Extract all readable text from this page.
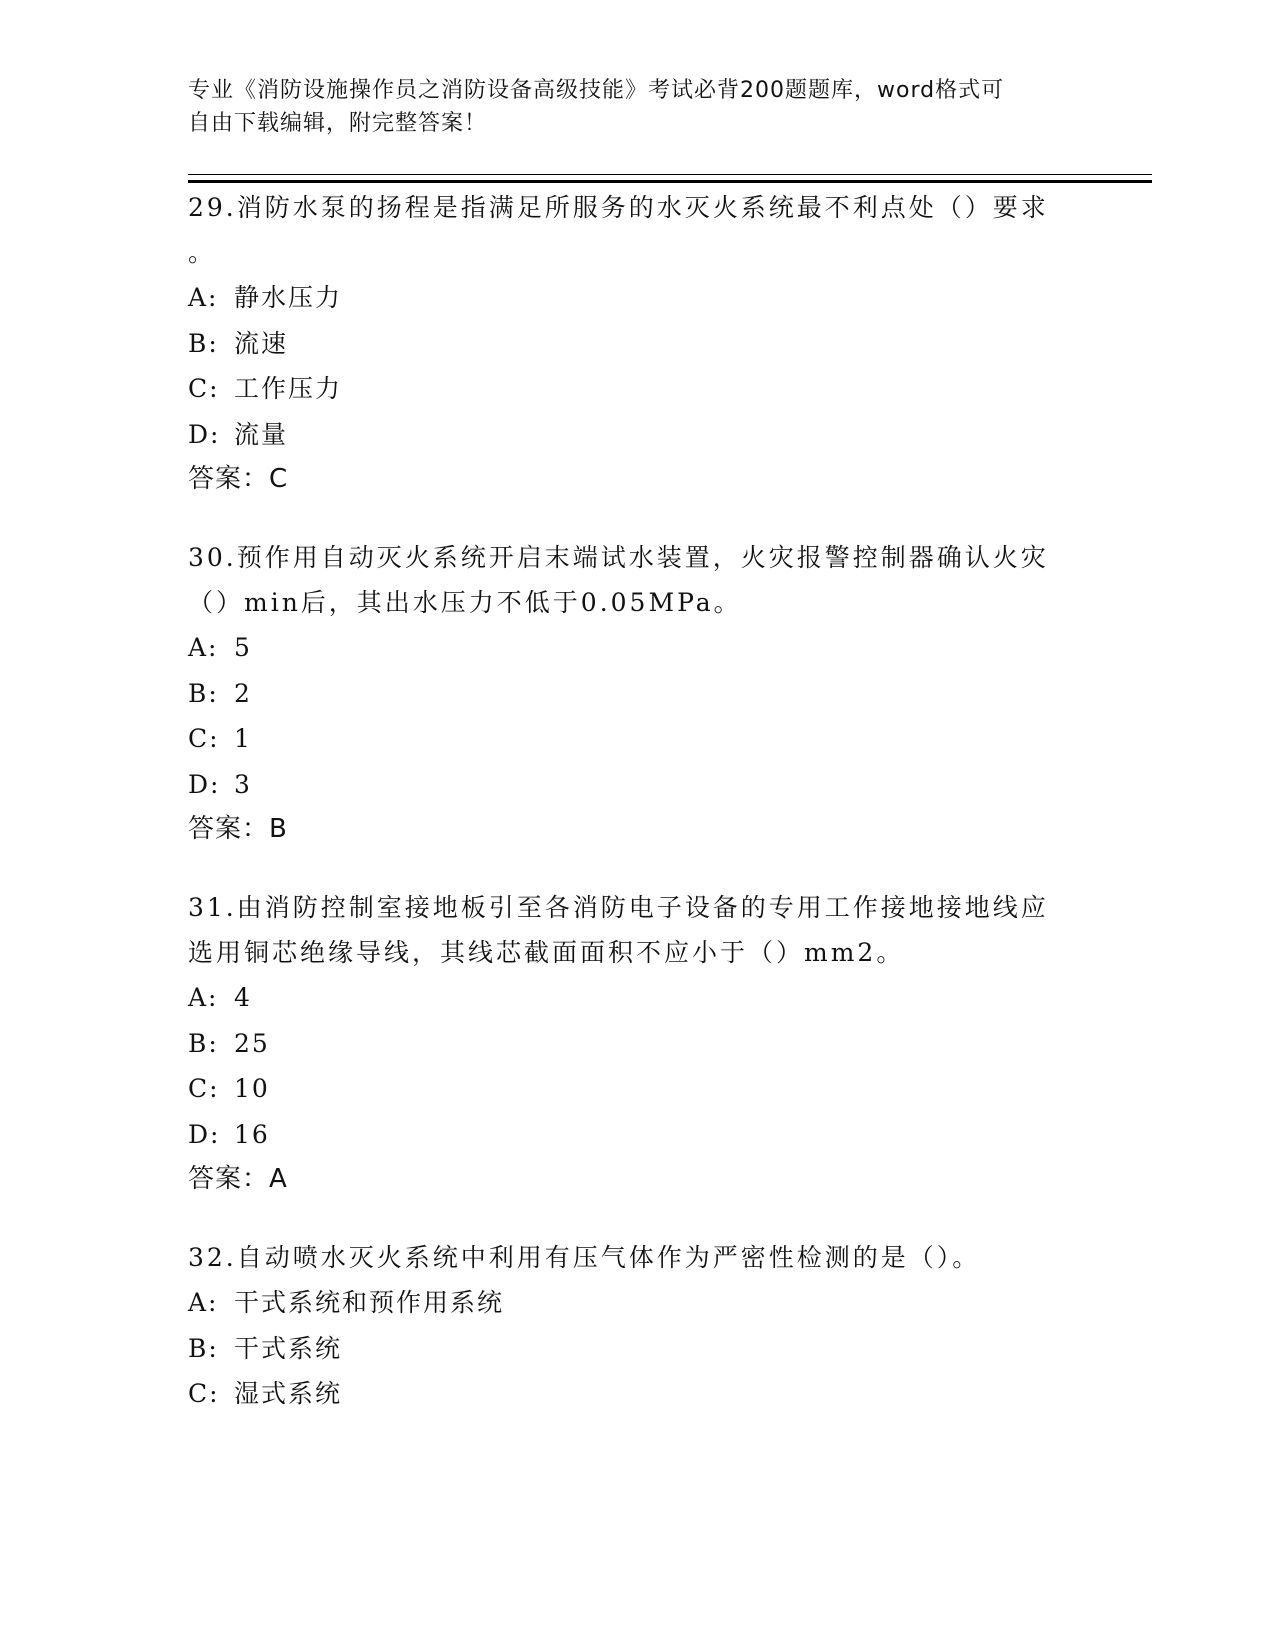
专业《消防设施操作员之消防设备高级技能》考试必背200题题库，word格式可
自由下载编辑，附完整答案！
29.消防水泵的扬程是指满足所服务的水灭火系统最不利点处（）要求
。
A: 静水压力
B: 流速
C: 工作压力
D: 流量
答案：C
30.预作用自动灭火系统开启末端试水装置，火灾报警控制器确认火灾
（）min后，其出水压力不低于0.05MPa。
A: 5
B: 2
C: 1
D: 3
答案：B
31.由消防控制室接地板引至各消防电子设备的专用工作接地接地线应
选用铜芯绝缘导线，其线芯截面面积不应小于（）mm2。
A: 4
B: 25
C: 10
D: 16
答案：A
32.自动喷水灭火系统中利用有压气体作为严密性检测的是（）。
A: 干式系统和预作用系统
B: 干式系统
C: 湿式系统
